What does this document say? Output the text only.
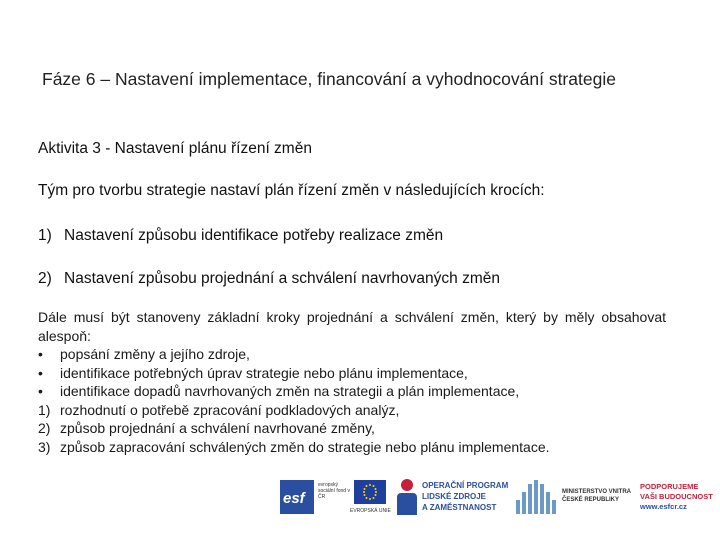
Fáze 6 – Nastavení implementace, financování a vyhodnocování strategie
Aktivita 3 - Nastavení plánu řízení změn
Tým pro tvorbu strategie nastaví plán řízení změn v následujících krocích:
1) Nastavení způsobu identifikace potřeby realizace změn
2) Nastavení způsobu projednání a schválení navrhovaných změn
Dále musí být stanoveny základní kroky projednání a schválení změn, který by měly obsahovat alespoň:
•	popsání změny a jejího zdroje,
•	identifikace potřebných úprav strategie nebo plánu implementace,
•	identifikace dopadů navrhovaných změn na strategii a plán implementace,
1) rozhodnutí o potřebě zpracování podkladových analýz,
2) způsob projednání a schválení navrhované změny,
3) způsob zapracování schválených změn do strategie nebo plánu implementace.
esf
evropský sociální fond v ČR
EVROPSKÁ UNIE
OPERAČNÍ PROGRAM
LIDSKÉ ZDROJE
A ZAMĚSTNANOST
MINISTERSTVO VNITRA
ČESKÉ REPUBLIKY
PODPORUJEME
VAŠI BUDOUCNOST
www.esfcr.cz
